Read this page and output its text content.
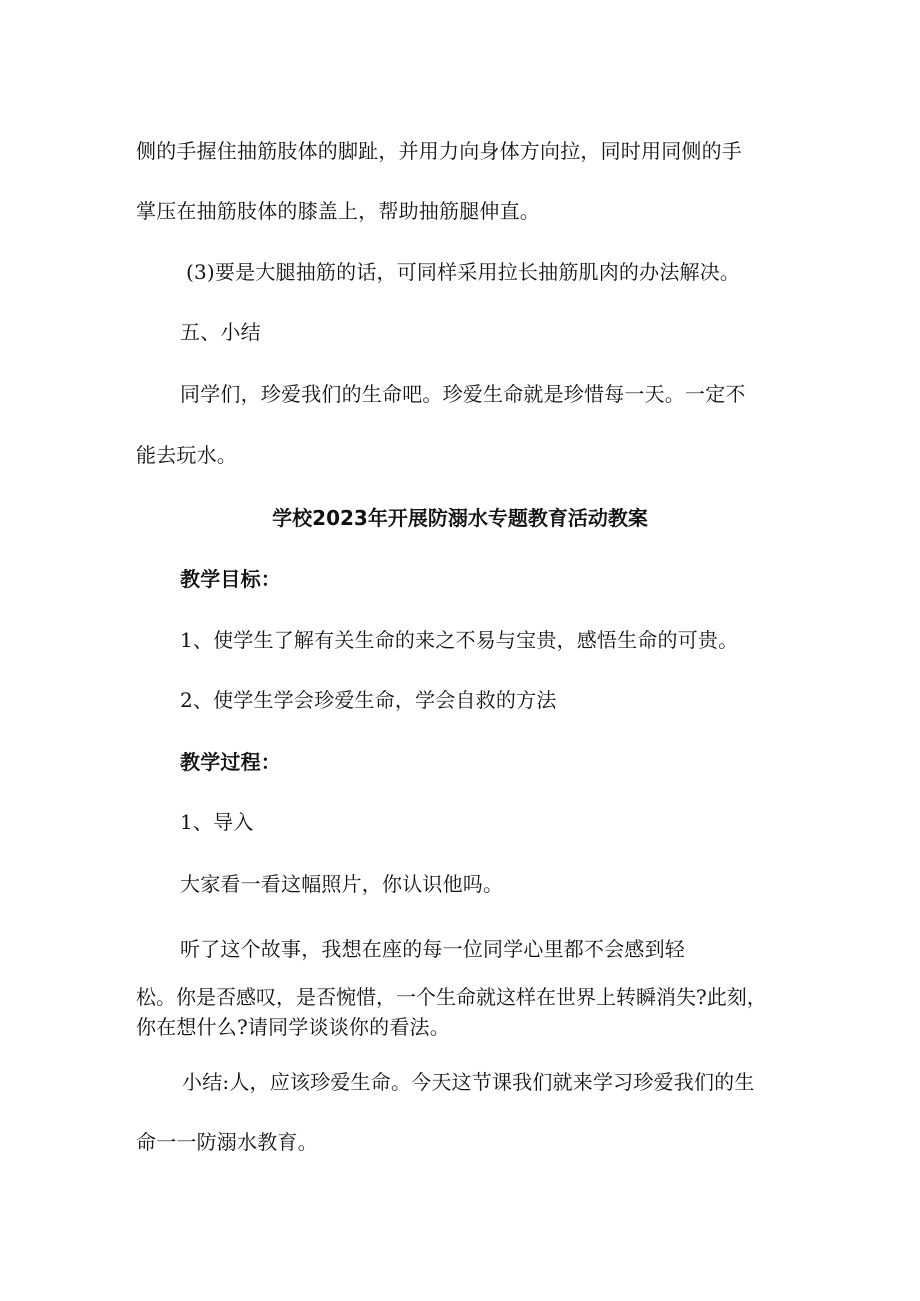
侧的手握住抽筋肢体的脚趾，并用力向身体方向拉，同时用同侧的手
掌压在抽筋肢体的膝盖上，帮助抽筋腿伸直。
(3)要是大腿抽筋的话，可同样采用拉长抽筋肌肉的办法解决。
五、小结
同学们，珍爱我们的生命吧。珍爱生命就是珍惜每一天。一定不
能去玩水。
学校2023年开展防溺水专题教育活动教案
教学目标：
1、使学生了解有关生命的来之不易与宝贵，感悟生命的可贵。
2、使学生学会珍爱生命，学会自救的方法
教学过程：
1、导入
大家看一看这幅照片，你认识他吗。
听了这个故事，我想在座的每一位同学心里都不会感到轻
松。你是否感叹，是否惋惜，一个生命就这样在世界上转瞬消失?此刻，
你在想什么?请同学谈谈你的看法。
小结:人，应该珍爱生命。今天这节课我们就来学习珍爱我们的生
命一一防溺水教育。
